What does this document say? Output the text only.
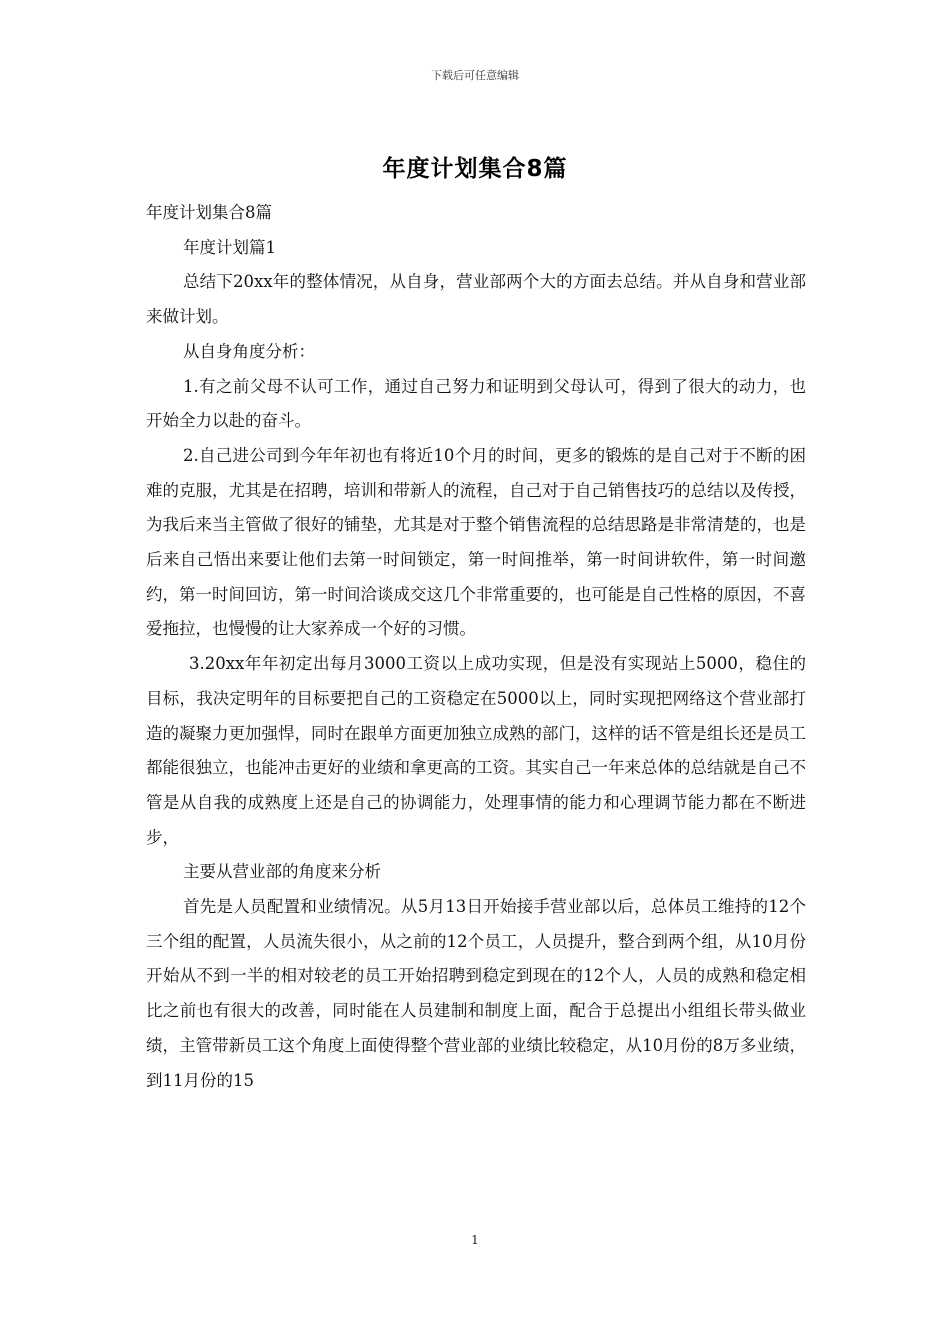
下载后可任意编辑
年度计划集合8篇

年度计划集合8篇

年度计划篇1

总结下20xx年的整体情况，从自身，营业部两个大的方面去总结。并从自身和营业部来做计划。

从自身角度分析：

1.有之前父母不认可工作，通过自己努力和证明到父母认可，得到了很大的动力，也开始全力以赴的奋斗。

2.自己进公司到今年年初也有将近10个月的时间，更多的锻炼的是自己对于不断的困难的克服，尤其是在招聘，培训和带新人的流程，自己对于自己销售技巧的总结以及传授，为我后来当主管做了很好的铺垫，尤其是对于整个销售流程的总结思路是非常清楚的，也是后来自己悟出来要让他们去第一时间锁定，第一时间推举，第一时间讲软件，第一时间邀约，第一时间回访，第一时间洽谈成交这几个非常重要的，也可能是自己性格的原因，不喜爱拖拉，也慢慢的让大家养成一个好的习惯。

3.20xx年年初定出每月3000工资以上成功实现，但是没有实现站上5000，稳住的目标，我决定明年的目标要把自己的工资稳定在5000以上，同时实现把网络这个营业部打造的凝聚力更加强悍，同时在跟单方面更加独立成熟的部门，这样的话不管是组长还是员工都能很独立，也能冲击更好的业绩和拿更高的工资。其实自己一年来总体的总结就是自己不管是从自我的成熟度上还是自己的协调能力，处理事情的能力和心理调节能力都在不断进步，

主要从营业部的角度来分析

首先是人员配置和业绩情况。从5月13日开始接手营业部以后，总体员工维持的12个三个组的配置，人员流失很小，从之前的12个员工，人员提升，整合到两个组，从10月份开始从不到一半的相对较老的员工开始招聘到稳定到现在的12个人，人员的成熟和稳定相比之前也有很大的改善，同时能在人员建制和制度上面，配合于总提出小组组长带头做业绩，主管带新员工这个角度上面使得整个营业部的业绩比较稳定，从10月份的8万多业绩，到11月份的15

1
